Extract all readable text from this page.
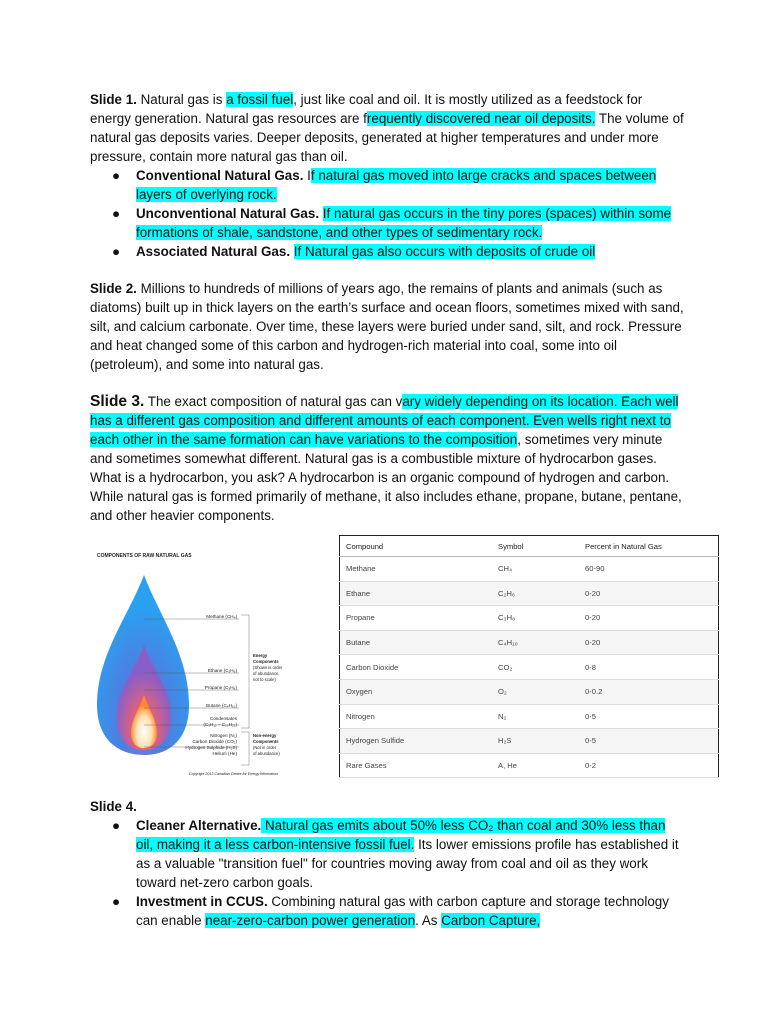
Slide 1. Natural gas is a fossil fuel, just like coal and oil. It is mostly utilized as a feedstock for energy generation. Natural gas resources are frequently discovered near oil deposits. The volume of natural gas deposits varies. Deeper deposits, generated at higher temperatures and under more pressure, contain more natural gas than oil.

● Conventional Natural Gas. If natural gas moved into large cracks and spaces between layers of overlying rock.
● Unconventional Natural Gas. If natural gas occurs in the tiny pores (spaces) within some formations of shale, sandstone, and other types of sedimentary rock.
● Associated Natural Gas. If Natural gas also occurs with deposits of crude oil

Slide 2. Millions to hundreds of millions of years ago, the remains of plants and animals (such as diatoms) built up in thick layers on the earth’s surface and ocean floors, sometimes mixed with sand, silt, and calcium carbonate. Over time, these layers were buried under sand, silt, and rock. Pressure and heat changed some of this carbon and hydrogen-rich material into coal, some into oil (petroleum), and some into natural gas.

Slide 3. The exact composition of natural gas can vary widely depending on its location. Each well has a different gas composition and different amounts of each component. Even wells right next to each other in the same formation can have variations to the composition, sometimes very minute and sometimes somewhat different. Natural gas is a combustible mixture of hydrocarbon gases. What is a hydrocarbon, you ask? A hydrocarbon is an organic compound of hydrogen and carbon. While natural gas is formed primarily of methane, it also includes ethane, propane, butane, pentane, and other heavier components.

COMPONENTS OF RAW NATURAL GAS
Methane (CH₄)
Ethane (C₂H₆)
Propane (C₃H₈)
Butane (C₄H₁₀)
Condensates
(C₅H₁₂ – C₁₀H₂₂)
Nitrogen (N₂)
Carbon Dioxide (CO₂)
Hydrogen Sulphide (H₂S)
Helium (He)
Energy
Components
(Shown is order
of abundance,
not to scale)
Non-energy
Components
(Not in order
of abundance)
Copyright 2013 Canadian Centre for Energy Information
Compound	Symbol	Percent in Natural Gas
Methane	CH₄	60-90
Ethane	C₂H₆	0-20
Propane	C₃H₈	0-20
Butane	C₄H₁₀	0-20
Carbon Dioxide	CO₂	0-8
Oxygen	O₂	0-0.2
Nitrogen	N₂	0-5
Hydrogen Sulfide	H₂S	0-5
Rare Gases	A, He	0-2

Slide 4.

● Cleaner Alternative. Natural gas emits about 50% less CO₂ than coal and 30% less than oil, making it a less carbon-intensive fossil fuel. Its lower emissions profile has established it as a valuable "transition fuel" for countries moving away from coal and oil as they work toward net-zero carbon goals.
● Investment in CCUS. Combining natural gas with carbon capture and storage technology can enable near-zero-carbon power generation. As Carbon Capture,
